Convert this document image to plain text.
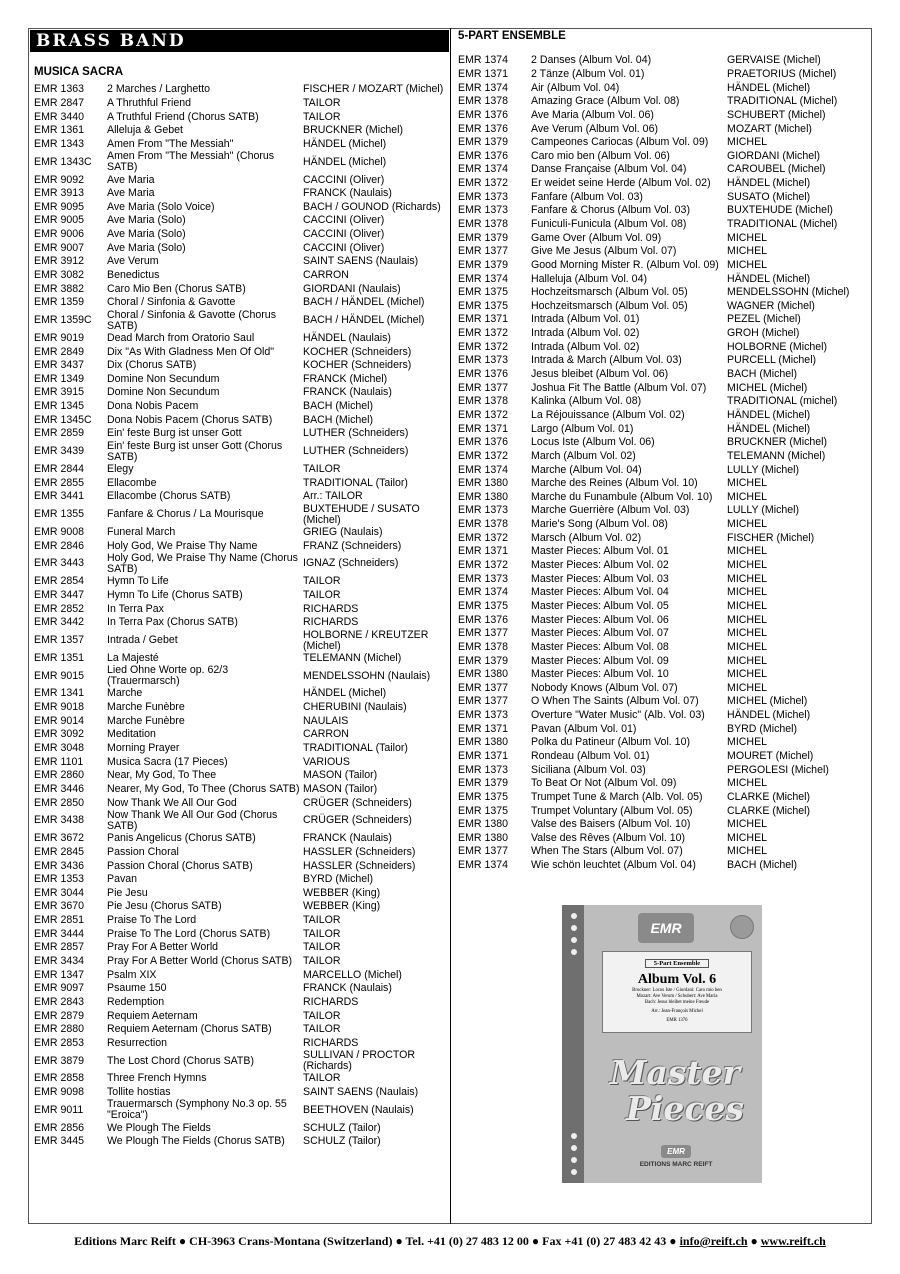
BRASS BAND
MUSICA SACRA
5-PART ENSEMBLE
EMR 1363	2 Marches / Larghetto	FISCHER / MOZART (Michel)
EMR 2847	A Thruthful Friend	TAILOR
EMR 3440	A Truthful Friend (Chorus SATB)	TAILOR
EMR 1361	Alleluja & Gebet	BRUCKNER (Michel)
EMR 1343	Amen From "The Messiah"	HÄNDEL (Michel)
EMR 1343C	Amen From "The Messiah" (Chorus SATB)	HÄNDEL (Michel)
EMR 9092	Ave Maria	CACCINI (Oliver)
EMR 3913	Ave Maria	FRANCK (Naulais)
EMR 9095	Ave Maria (Solo Voice)	BACH / GOUNOD (Richards)
EMR 9005	Ave Maria (Solo)	CACCINI (Oliver)
EMR 9006	Ave Maria (Solo)	CACCINI (Oliver)
EMR 9007	Ave Maria (Solo)	CACCINI (Oliver)
EMR 3912	Ave Verum	SAINT SAENS (Naulais)
EMR 3082	Benedictus	CARRON
EMR 3882	Caro Mio Ben (Chorus SATB)	GIORDANI (Naulais)
EMR 1359	Choral / Sinfonia & Gavotte	BACH / HÄNDEL (Michel)
EMR 1359C	Choral / Sinfonia & Gavotte (Chorus SATB)	BACH / HÄNDEL (Michel)
EMR 9019	Dead March from Oratorio Saul	HÄNDEL (Naulais)
EMR 2849	Dix "As With Gladness Men Of Old"	KOCHER (Schneiders)
EMR 3437	Dix (Chorus SATB)	KOCHER (Schneiders)
EMR 1349	Domine Non Secundum	FRANCK (Michel)
EMR 3915	Domine Non Secundum	FRANCK (Naulais)
EMR 1345	Dona Nobis Pacem	BACH (Michel)
EMR 1345C	Dona Nobis Pacem (Chorus SATB)	BACH (Michel)
EMR 2859	Ein' feste Burg ist unser Gott	LUTHER (Schneiders)
EMR 3439	Ein' feste Burg ist unser Gott (Chorus SATB)	LUTHER (Schneiders)
EMR 2844	Elegy	TAILOR
EMR 2855	Ellacombe	TRADITIONAL (Tailor)
EMR 3441	Ellacombe (Chorus SATB)	Arr.: TAILOR
EMR 1355	Fanfare & Chorus / La Mourisque	BUXTEHUDE / SUSATO (Michel)
EMR 9008	Funeral March	GRIEG (Naulais)
EMR 2846	Holy God, We Praise Thy Name	FRANZ (Schneiders)
EMR 3443	Holy God, We Praise Thy Name (Chorus SATB)	IGNAZ (Schneiders)
EMR 2854	Hymn To Life	TAILOR
EMR 3447	Hymn To Life (Chorus SATB)	TAILOR
EMR 2852	In Terra Pax	RICHARDS
EMR 3442	In Terra Pax (Chorus SATB)	RICHARDS
EMR 1357	Intrada / Gebet	HOLBORNE / KREUTZER (Michel)
EMR 1351	La Majesté	TELEMANN (Michel)
EMR 9015	Lied Ohne Worte op. 62/3 (Trauermarsch)	MENDELSSOHN (Naulais)
EMR 1341	Marche	HÄNDEL (Michel)
EMR 9018	Marche Funèbre	CHERUBINI (Naulais)
EMR 9014	Marche Funèbre	NAULAIS
EMR 3092	Meditation	CARRON
EMR 3048	Morning Prayer	TRADITIONAL (Tailor)
EMR 1101	Musica Sacra (17 Pieces)	VARIOUS
EMR 2860	Near, My God, To Thee	MASON (Tailor)
EMR 3446	Nearer, My God, To Thee (Chorus SATB) MASON (Tailor)
EMR 2850	Now Thank We All Our God	CRÜGER (Schneiders)
EMR 3438	Now Thank We All Our God (Chorus SATB)	CRÜGER (Schneiders)
EMR 3672	Panis Angelicus (Chorus SATB)	FRANCK (Naulais)
EMR 2845	Passion Choral	HASSLER (Schneiders)
EMR 3436	Passion Choral (Chorus SATB)	HASSLER (Schneiders)
EMR 1353	Pavan	BYRD (Michel)
EMR 3044	Pie Jesu	WEBBER (King)
EMR 3670	Pie Jesu (Chorus SATB)	WEBBER (King)
EMR 2851	Praise To The Lord	TAILOR
EMR 3444	Praise To The Lord (Chorus SATB)	TAILOR
EMR 2857	Pray For A Better World	TAILOR
EMR 3434	Pray For A Better World (Chorus SATB)	TAILOR
EMR 1347	Psalm XIX	MARCELLO (Michel)
EMR 9097	Psaume 150	FRANCK (Naulais)
EMR 2843	Redemption	RICHARDS
EMR 2879	Requiem Aeternam	TAILOR
EMR 2880	Requiem Aeternam (Chorus SATB)	TAILOR
EMR 2853	Resurrection	RICHARDS
EMR 3879	The Lost Chord (Chorus SATB)	SULLIVAN / PROCTOR (Richards)
EMR 2858	Three French Hymns	TAILOR
EMR 9098	Tollite hostias	SAINT SAENS (Naulais)
EMR 9011	Trauermarsch (Symphony No.3 op. 55 "Eroica")	BEETHOVEN (Naulais)
EMR 2856	We Plough The Fields	SCHULZ (Tailor)
EMR 3445	We Plough The Fields (Chorus SATB)	SCHULZ (Tailor)
EMR 1374	2 Danses (Album Vol. 04)	GERVAISE (Michel)
EMR 1371	2 Tänze (Album Vol. 01)	PRAETORIUS (Michel)
EMR 1374	Air (Album Vol. 04)	HÄNDEL (Michel)
EMR 1378	Amazing Grace (Album Vol. 08)	TRADITIONAL (Michel)
EMR 1376	Ave Maria (Album Vol. 06)	SCHUBERT (Michel)
EMR 1376	Ave Verum (Album Vol. 06)	MOZART (Michel)
EMR 1379	Campeones Cariocas (Album Vol. 09)	MICHEL
EMR 1376	Caro mio ben (Album Vol. 06)	GIORDANI (Michel)
EMR 1374	Danse Française (Album Vol. 04)	CAROUBEL (Michel)
EMR 1372	Er weidet seine Herde (Album Vol. 02)	HÄNDEL (Michel)
EMR 1373	Fanfare (Album Vol. 03)	SUSATO (Michel)
EMR 1373	Fanfare & Chorus (Album Vol. 03)	BUXTEHUDE (Michel)
EMR 1378	Funiculi-Funicula (Album Vol. 08)	TRADITIONAL (Michel)
EMR 1379	Game Over (Album Vol. 09)	MICHEL
EMR 1377	Give Me Jesus (Album Vol. 07)	MICHEL
EMR 1379	Good Morning Mister R. (Album Vol. 09) MICHEL
EMR 1374	Halleluja (Album Vol. 04)	HÄNDEL (Michel)
EMR 1375	Hochzeitsmarsch (Album Vol. 05)	MENDELSSOHN (Michel)
EMR 1375	Hochzeitsmarsch (Album Vol. 05)	WAGNER (Michel)
EMR 1371	Intrada (Album Vol. 01)	PEZEL (Michel)
EMR 1372	Intrada (Album Vol. 02)	GROH (Michel)
EMR 1372	Intrada (Album Vol. 02)	HOLBORNE (Michel)
EMR 1373	Intrada & March (Album Vol. 03)	PURCELL (Michel)
EMR 1376	Jesus bleibet (Album Vol. 06)	BACH (Michel)
EMR 1377	Joshua Fit The Battle (Album Vol. 07)	MICHEL (Michel)
EMR 1378	Kalinka (Album Vol. 08)	TRADITIONAL (michel)
EMR 1372	La Réjouissance (Album Vol. 02)	HÄNDEL (Michel)
EMR 1371	Largo (Album Vol. 01)	HÄNDEL (Michel)
EMR 1376	Locus Iste (Album Vol. 06)	BRUCKNER (Michel)
EMR 1372	March (Album Vol. 02)	TELEMANN (Michel)
EMR 1374	Marche (Album Vol. 04)	LULLY (Michel)
EMR 1380	Marche des Reines (Album Vol. 10)	MICHEL
EMR 1380	Marche du Funambule (Album Vol. 10)	MICHEL
EMR 1373	Marche Guerrière (Album Vol. 03)	LULLY (Michel)
EMR 1378	Marie's Song (Album Vol. 08)	MICHEL
EMR 1372	Marsch (Album Vol. 02)	FISCHER (Michel)
EMR 1371	Master Pieces: Album Vol. 01	MICHEL
EMR 1372	Master Pieces: Album Vol. 02	MICHEL
EMR 1373	Master Pieces: Album Vol. 03	MICHEL
EMR 1374	Master Pieces: Album Vol. 04	MICHEL
EMR 1375	Master Pieces: Album Vol. 05	MICHEL
EMR 1376	Master Pieces: Album Vol. 06	MICHEL
EMR 1377	Master Pieces: Album Vol. 07	MICHEL
EMR 1378	Master Pieces: Album Vol. 08	MICHEL
EMR 1379	Master Pieces: Album Vol. 09	MICHEL
EMR 1380	Master Pieces: Album Vol. 10	MICHEL
EMR 1377	Nobody Knows (Album Vol. 07)	MICHEL
EMR 1377	O When The Saints (Album Vol. 07)	MICHEL (Michel)
EMR 1373	Overture "Water Music" (Alb. Vol. 03)	HÄNDEL (Michel)
EMR 1371	Pavan (Album Vol. 01)	BYRD (Michel)
EMR 1380	Polka du Patineur (Album Vol. 10)	MICHEL
EMR 1371	Rondeau (Album Vol. 01)	MOURET (Michel)
EMR 1373	Siciliana (Album Vol. 03)	PERGOLESI (Michel)
EMR 1379	To Beat Or Not (Album Vol. 09)	MICHEL
EMR 1375	Trumpet Tune & March (Alb. Vol. 05)	CLARKE (Michel)
EMR 1375	Trumpet Voluntary (Album Vol. 05)	CLARKE (Michel)
EMR 1380	Valse des Baisers (Album Vol. 10)	MICHEL
EMR 1380	Valse des Rêves (Album Vol. 10)	MICHEL
EMR 1377	When The Stars (Album Vol. 07)	MICHEL
EMR 1374	Wie schön leuchtet (Album Vol. 04)	BACH (Michel)
EMR
5-Part Ensemble
Album Vol. 6
Bruckner: Locus Iste / Giordani: Caro mio ben
Mozart: Ave Verum / Schubert: Ave Maria
Bach: Jesus bleibet meine Freude
Arr.: Jean-François Michel
EMR 1376
Master
Pieces
EMR
EDITIONS MARC REIFT
Editions Marc Reift ● CH-3963 Crans-Montana (Switzerland) ● Tel. +41 (0) 27 483 12 00 ● Fax +41 (0) 27 483 42 43 ● info@reift.ch ● www.reift.ch
